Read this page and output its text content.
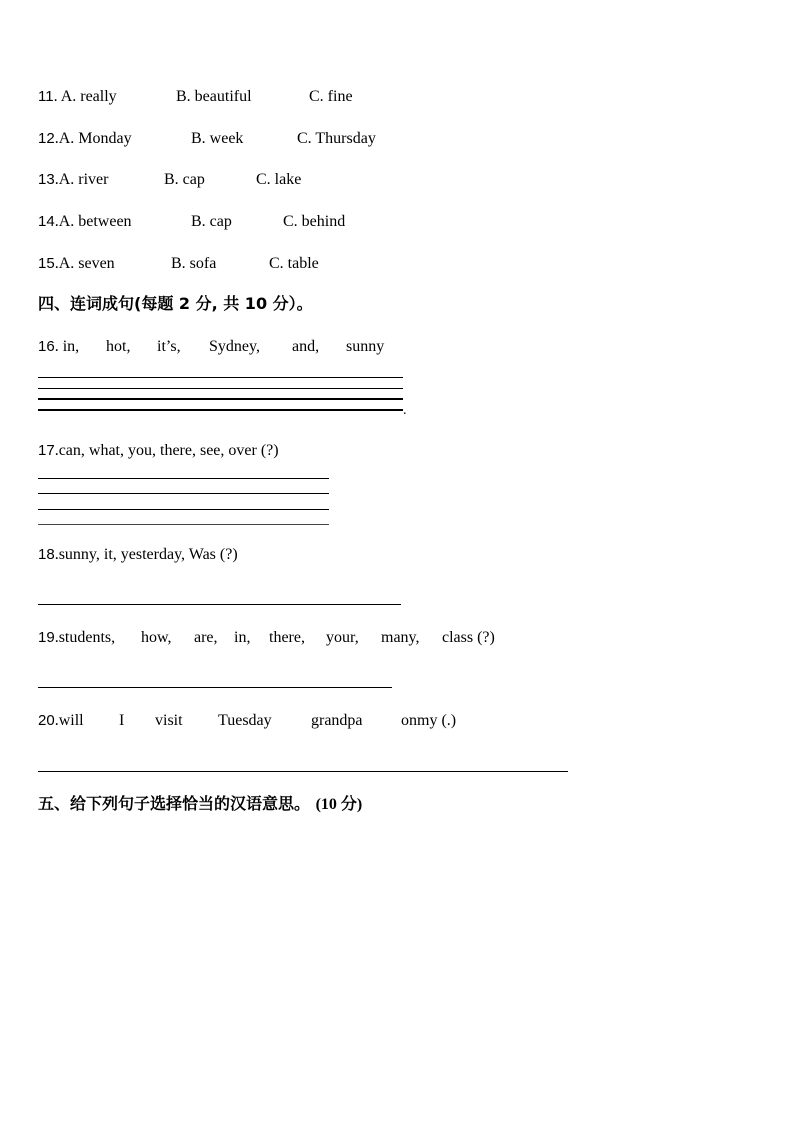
11. A. really	B. beautiful	C. fine
12.A. Monday	B. week	C. Thursday
13.A. river	B. cap	C. lake
14.A. between	B. cap	C. behind
15.A. seven	B. sofa	C. table
四、连词成句(每题 2 分, 共 10 分）。
16. in, hot, it’s, Sydney, and, sunny
.
17.can, what, you, there, see, over (?)
18.sunny, it, yesterday, Was (?)
19.students, how, are, in, there, your, many, class (?)
20.will I visit Tuesday grandpa onmy (.)
五、给下列句子选择恰当的汉语意思。 (10 分)
